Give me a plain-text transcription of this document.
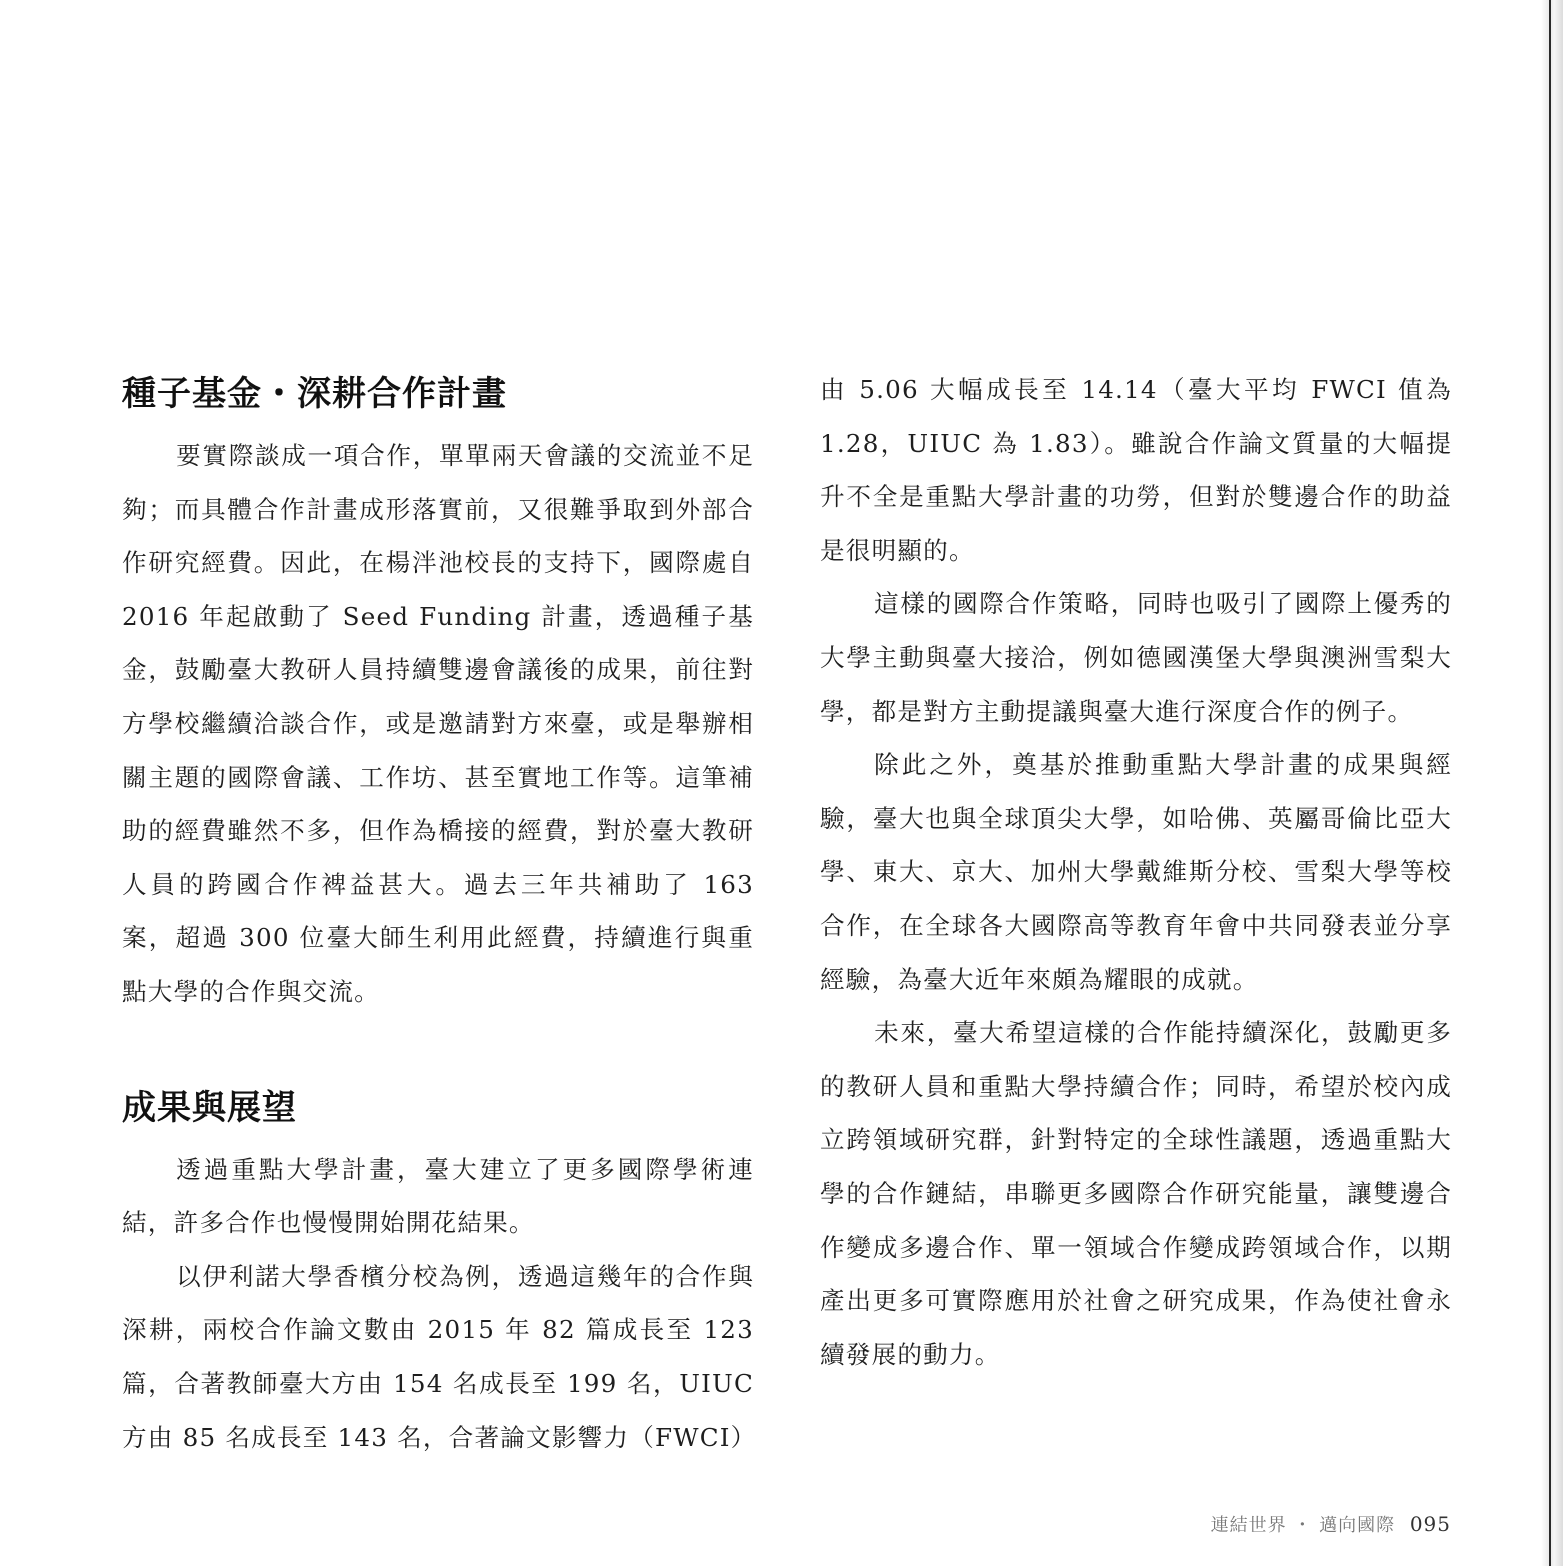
種子基金・深耕合作計畫

要實際談成一項合作，單單兩天會議的交流並不足夠；而具體合作計畫成形落實前，又很難爭取到外部合作研究經費。因此，在楊泮池校長的支持下，國際處自 2016 年起啟動了 Seed Funding 計畫，透過種子基金，鼓勵臺大教研人員持續雙邊會議後的成果，前往對方學校繼續洽談合作，或是邀請對方來臺，或是舉辦相關主題的國際會議、工作坊、甚至實地工作等。這筆補助的經費雖然不多，但作為橋接的經費，對於臺大教研人員的跨國合作裨益甚大。過去三年共補助了 163 案，超過 300 位臺大師生利用此經費，持續進行與重點大學的合作與交流。

成果與展望

透過重點大學計畫，臺大建立了更多國際學術連結，許多合作也慢慢開始開花結果。

以伊利諾大學香檳分校為例，透過這幾年的合作與深耕，兩校合作論文數由 2015 年 82 篇成長至 123 篇，合著教師臺大方由 154 名成長至 199 名，UIUC 方由 85 名成長至 143 名，合著論文影響力（FWCI）

由 5.06 大幅成長至 14.14（臺大平均 FWCI 值為 1.28，UIUC 為 1.83）。雖說合作論文質量的大幅提升不全是重點大學計畫的功勞，但對於雙邊合作的助益是很明顯的。

這樣的國際合作策略，同時也吸引了國際上優秀的大學主動與臺大接洽，例如德國漢堡大學與澳洲雪梨大學，都是對方主動提議與臺大進行深度合作的例子。

除此之外，奠基於推動重點大學計畫的成果與經驗，臺大也與全球頂尖大學，如哈佛、英屬哥倫比亞大學、東大、京大、加州大學戴維斯分校、雪梨大學等校合作，在全球各大國際高等教育年會中共同發表並分享經驗，為臺大近年來頗為耀眼的成就。

未來，臺大希望這樣的合作能持續深化，鼓勵更多的教研人員和重點大學持續合作；同時，希望於校內成立跨領域研究群，針對特定的全球性議題，透過重點大學的合作鏈結，串聯更多國際合作研究能量，讓雙邊合作變成多邊合作、單一領域合作變成跨領域合作，以期產出更多可實際應用於社會之研究成果，作為使社會永續發展的動力。

連結世界 ・ 邁向國際 095
